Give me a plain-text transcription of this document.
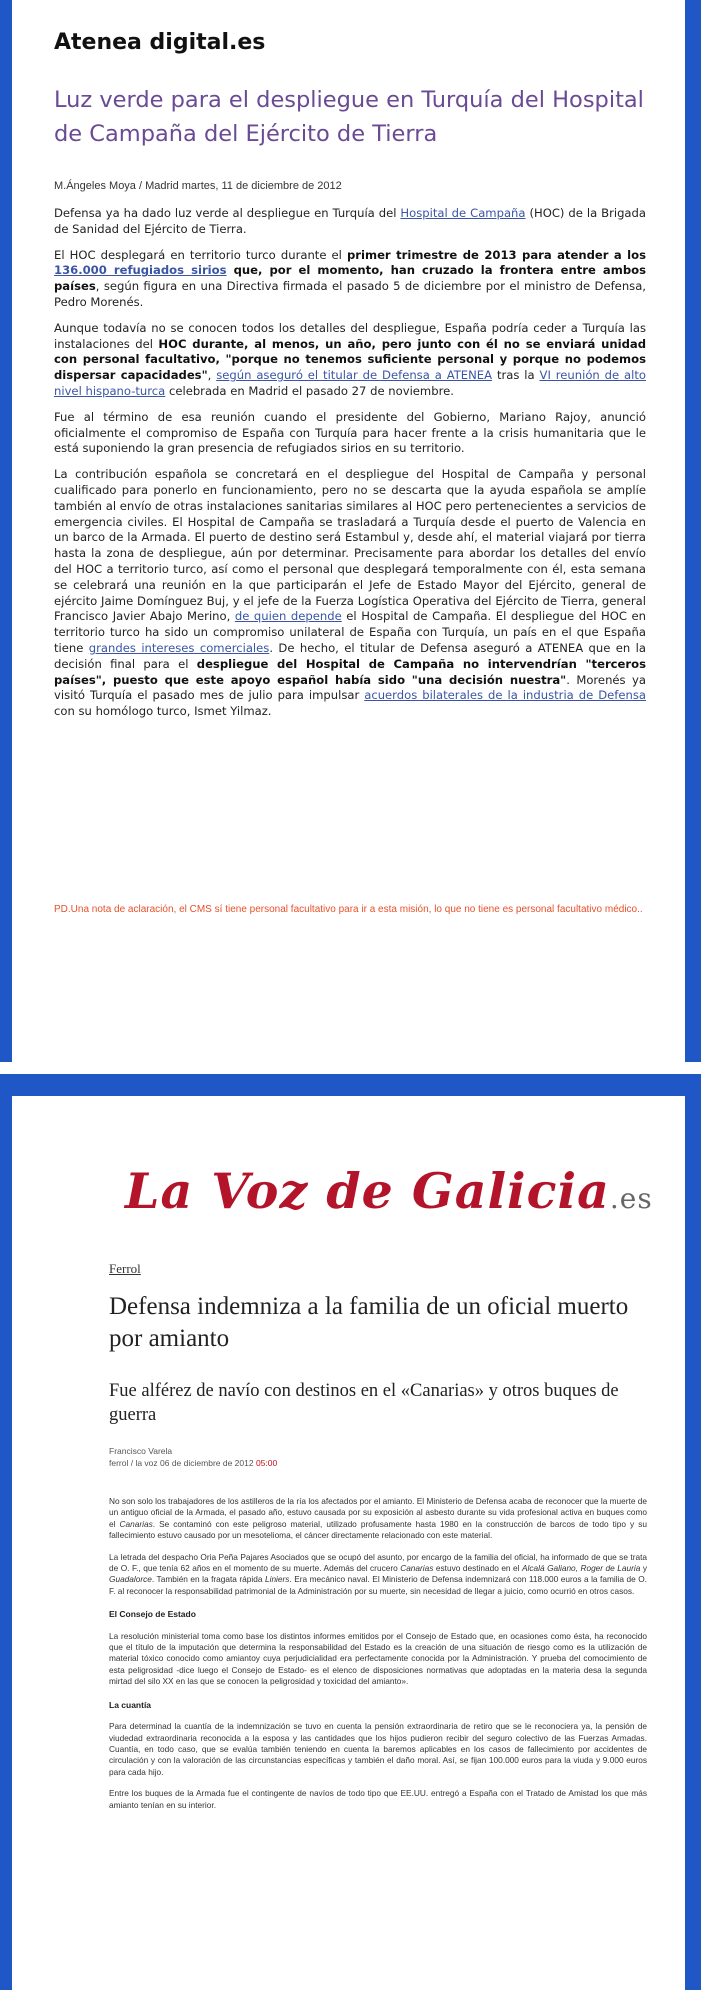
Atenea digital.es
Luz verde para el despliegue en Turquía del Hospital de Campaña del Ejército de Tierra
M.Ángeles Moya / Madrid martes, 11 de diciembre de 2012

Defensa ya ha dado luz verde al despliegue en Turquía del Hospital de Campaña (HOC) de la Brigada de Sanidad del Ejército de Tierra.

El HOC desplegará en territorio turco durante el primer trimestre de 2013 para atender a los 136.000 refugiados sirios que, por el momento, han cruzado la frontera entre ambos países, según figura en una Directiva firmada el pasado 5 de diciembre por el ministro de Defensa, Pedro Morenés.

Aunque todavía no se conocen todos los detalles del despliegue, España podría ceder a Turquía las instalaciones del HOC durante, al menos, un año, pero junto con él no se enviará unidad con personal facultativo, "porque no tenemos suficiente personal y porque no podemos dispersar capacidades", según aseguró el titular de Defensa a ATENEA tras la VI reunión de alto nivel hispano-turca celebrada en Madrid el pasado 27 de noviembre.

Fue al término de esa reunión cuando el presidente del Gobierno, Mariano Rajoy, anunció oficialmente el compromiso de España con Turquía para hacer frente a la crisis humanitaria que le está suponiendo la gran presencia de refugiados sirios en su territorio.

La contribución española se concretará en el despliegue del Hospital de Campaña y personal cualificado para ponerlo en funcionamiento, pero no se descarta que la ayuda española se amplíe también al envío de otras instalaciones sanitarias similares al HOC pero pertenecientes a servicios de emergencia civiles. El Hospital de Campaña se trasladará a Turquía desde el puerto de Valencia en un barco de la Armada. El puerto de destino será Estambul y, desde ahí, el material viajará por tierra hasta la zona de despliegue, aún por determinar. Precisamente para abordar los detalles del envío del HOC a territorio turco, así como el personal que desplegará temporalmente con él, esta semana se celebrará una reunión en la que participarán el Jefe de Estado Mayor del Ejército, general de ejército Jaime Domínguez Buj, y el jefe de la Fuerza Logística Operativa del Ejército de Tierra, general Francisco Javier Abajo Merino, de quien depende el Hospital de Campaña. El despliegue del HOC en territorio turco ha sido un compromiso unilateral de España con Turquía, un país en el que España tiene grandes intereses comerciales. De hecho, el titular de Defensa aseguró a ATENEA que en la decisión final para el despliegue del Hospital de Campaña no intervendrían "terceros países", puesto que este apoyo español había sido "una decisión nuestra". Morenés ya visitó Turquía el pasado mes de julio para impulsar acuerdos bilaterales de la industria de Defensa con su homólogo turco, Ismet Yilmaz.

PD.Una nota de aclaración, el CMS sí tiene personal facultativo para ir a esta misión, lo que no tiene es personal facultativo médico..
La Voz de Galicia.es
Ferrol
Defensa indemniza a la familia de un oficial muerto por amianto
Fue alférez de navío con destinos en el «Canarias» y otros buques de guerra
Francisco Varela
ferrol / la voz 06 de diciembre de 2012 05:00

No son solo los trabajadores de los astilleros de la ría los afectados por el amianto. El Ministerio de Defensa acaba de reconocer que la muerte de un antiguo oficial de la Armada, el pasado año, estuvo causada por su exposición al asbesto durante su vida profesional activa en buques como el Canarias. Se contaminó con este peligroso material, utilizado profusamente hasta 1980 en la construcción de barcos de todo tipo y su fallecimiento estuvo causado por un mesotelioma, el cáncer directamente relacionado con este material.

La letrada del despacho Oria Peña Pajares Asociados que se ocupó del asunto, por encargo de la familia del oficial, ha informado de que se trata de O. F., que tenía 62 años en el momento de su muerte. Además del crucero Canarias estuvo destinado en el Alcalá Galiano, Roger de Lauria y Guadalorce. También en la fragata rápida Liniers. Era mecánico naval. El Ministerio de Defensa indemnizará con 118.000 euros a la familia de O. F. al reconocer la responsabilidad patrimonial de la Administración por su muerte, sin necesidad de llegar a juicio, como ocurrió en otros casos.

El Consejo de Estado

La resolución ministerial toma como base los distintos informes emitidos por el Consejo de Estado que, en ocasiones como ésta, ha reconocido que el título de la imputación que determina la responsabilidad del Estado es la creación de una situación de riesgo como es la utilización de material tóxico conocido como amiantoy cuya perjudicialidad era perfectamente conocida por la Administración. Y prueba del comocimiento de esta peligrosidad -dice luego el Consejo de Estado- es el elenco de disposiciones normativas que adoptadas en la materia desa la segunda mirtad del silo XX en las que se conocen la peligrosidad y toxicidad del amianto».

La cuantía

Para determinad la cuantía de la indemnización se tuvo en cuenta la pensión extraordinaria de retiro que se le reconociera ya, la pensión de viudedad extraordinaria reconocida a la esposa y las cantidades que los hijos pudieron recibir del seguro colectivo de las Fuerzas Armadas. Cuantía, en todo caso, que se evalúa también teniendo en cuenta la baremos aplicables en los casos de fallecimiento por accidentes de circulación y con la valoración de las circunstancias específicas y también el daño moral. Así, se fijan 100.000 euros para la viuda y 9.000 euros para cada hijo.

Entre los buques de la Armada fue el contingente de navíos de todo tipo que EE.UU. entregó a España con el Tratado de Amistad los que más amianto tenían en su interior.
